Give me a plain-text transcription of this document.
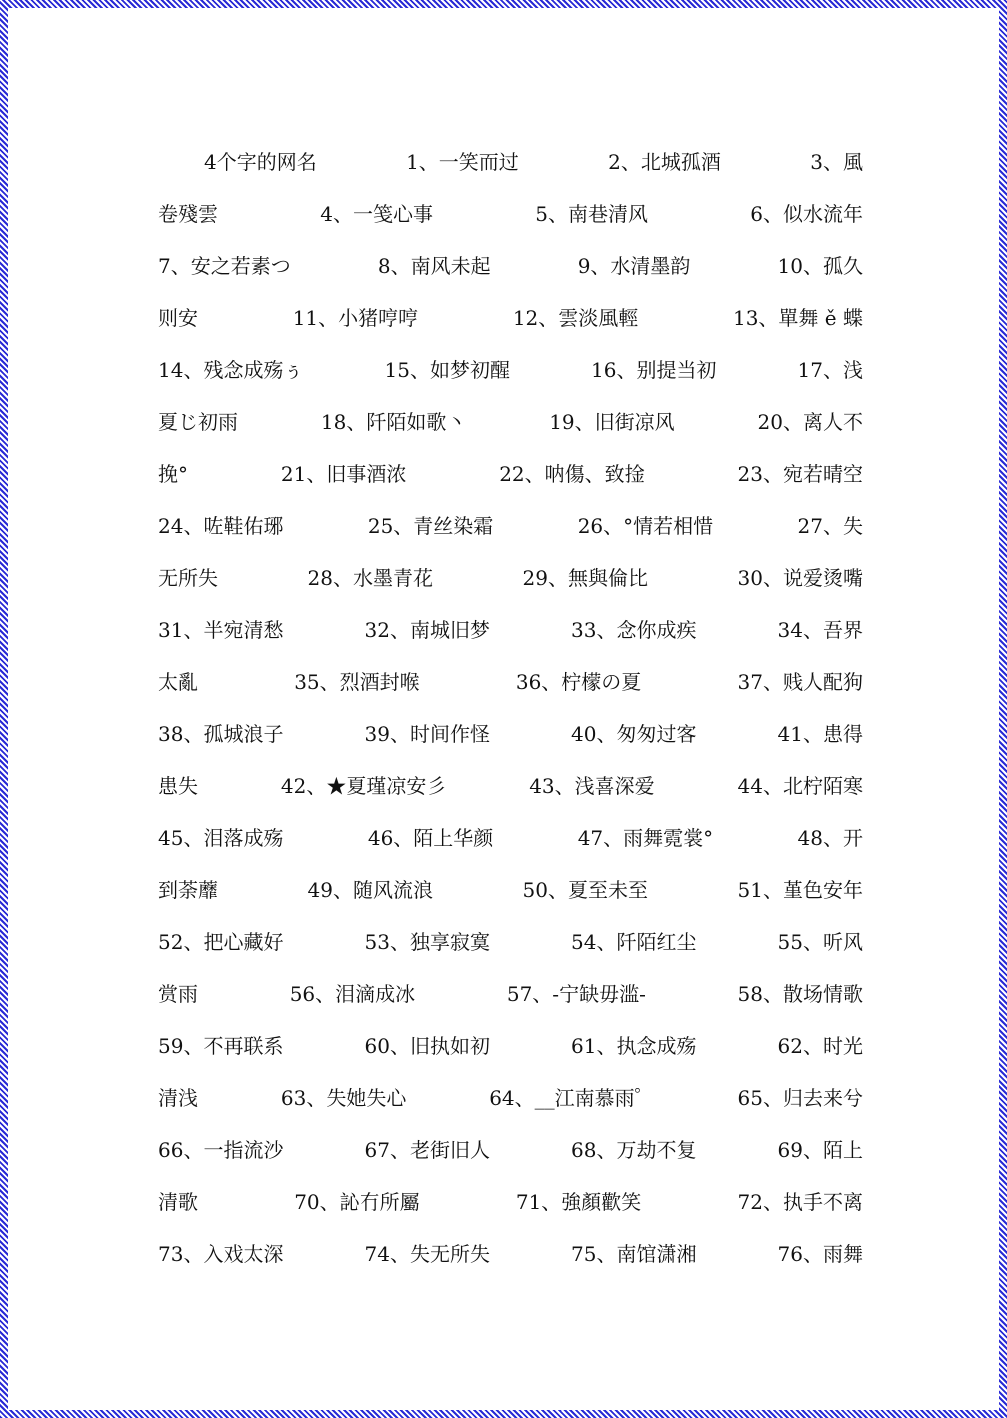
4个字的网名	1、一笑而过	2、北城孤酒	3、風
卷殘雲	4、一笺心事	5、南巷清风	6、似水流年
7、安之若素つ	8、南风未起	9、水清墨韵	10、孤久
则安	11、小猪哼哼	12、雲淡風輕	13、單舞 ě 蝶
14、残念成殇ぅ	15、如梦初醒	16、别提当初	17、浅
夏じ初雨	18、阡陌如歌丶	19、旧街凉风	20、离人不
挽°	21、旧事酒浓	22、呐傷、致捦	23、宛若晴空
24、咗鞋佑琊	25、青丝染霜	26、°情若相惜	27、失
无所失	28、水墨青花	29、無與倫比	30、说爱烫嘴
31、半宛清愁	32、南城旧梦	33、念你成疾	34、吾界
太亂	35、烈酒封喉	36、柠檬の夏	37、贱人配狗
38、孤城浪子	39、时间作怪	40、匆匆过客	41、患得
患失	42、★夏瑾凉安彡	43、浅喜深爱	44、北柠陌寒
45、泪落成殇	46、陌上华颜	47、雨舞霓裳°	48、开
到荼蘼	49、随风流浪	50、夏至未至	51、堇色安年
52、把心藏好	53、独享寂寞	54、阡陌红尘	55、听风
赏雨	56、泪滴成冰	57、-宁缺毋滥-	58、散场情歌
59、不再联系	60、旧执如初	61、执念成殇	62、时光
清浅	63、失她失心	64、__江南慕雨゜	65、归去来兮
66、一指流沙	67、老街旧人	68、万劫不复	69、陌上
清歌	70、訫冇所屬	71、強顏歡笑	72、执手不离
73、入戏太深	74、失无所失	75、南馆潇湘	76、雨舞
